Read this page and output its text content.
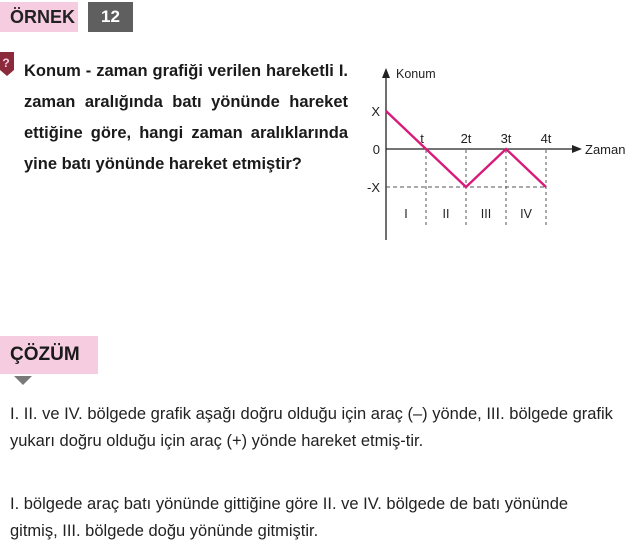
ÖRNEK	12
? Konum - zaman grafiği verilen hareketli I. zaman aralığında batı yönünde hareket ettiğine göre, hangi zaman aralıklarında yine batı yönünde hareket etmiştir?
Konum
Zaman
X
0
-X
t	2t 3t 4t
I	II	III IV
ÇÖZÜM
I. II. ve IV. bölgede grafik aşağı doğru olduğu için araç (–) yönde, III. bölgede grafik yukarı doğru olduğu için araç (+) yönde hareket etmiş-tir.
I. bölgede araç batı yönünde gittiğine göre II. ve IV. bölgede de batı yönünde gitmiş, III. bölgede doğu yönünde gitmiştir.
